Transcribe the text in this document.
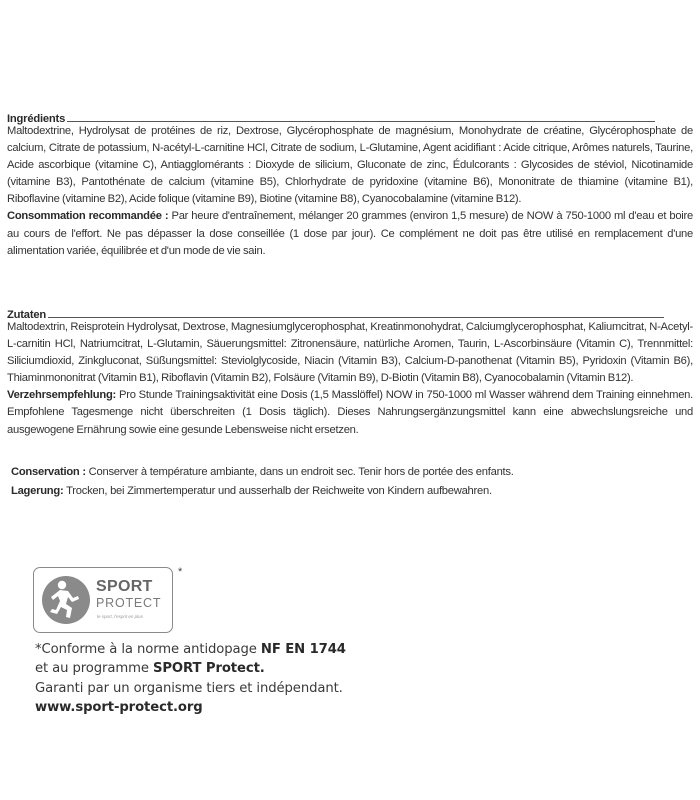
Ingrédients

Maltodextrine, Hydrolysat de protéines de riz, Dextrose, Glycérophosphate de magnésium, Monohydrate de créatine, Glycérophosphate de calcium, Citrate de potassium, N-acétyl-L-carnitine HCl, Citrate de sodium, L-Glutamine, Agent acidifiant : Acide citrique, Arômes naturels, Taurine, Acide ascorbique (vitamine C), Antiagglomérants : Dioxyde de silicium, Gluconate de zinc, Édulcorants : Glycosides de stéviol, Nicotinamide (vitamine B3), Pantothénate de calcium (vitamine B5), Chlorhydrate de pyridoxine (vitamine B6), Mononitrate de thiamine (vitamine B1), Riboflavine (vitamine B2), Acide folique (vitamine B9), Biotine (vitamine B8), Cyanocobalamine (vitamine B12).

Consommation recommandée : Par heure d'entraînement, mélanger 20 grammes (environ 1,5 mesure) de NOW à 750-1000 ml d'eau et boire au cours de l'effort. Ne pas dépasser la dose conseillée (1 dose par jour). Ce complément ne doit pas être utilisé en remplacement d'une alimentation variée, équilibrée et d'un mode de vie sain.

Zutaten

Maltodextrin, Reisprotein Hydrolysat, Dextrose, Magnesiumglycerophosphat, Kreatinmonohydrat, Calciumglycerophosphat, Kaliumcitrat, N-Acetyl-L-carnitin HCl, Natriumcitrat, L-Glutamin, Säuerungsmittel: Zitronensäure, natürliche Aromen, Taurin, L-Ascorbinsäure (Vitamin C), Trennmittel: Siliciumdioxid, Zinkgluconat, Süßungsmittel: Steviolglycoside, Niacin (Vitamin B3), Calcium-D-panothenat (Vitamin B5), Pyridoxin (Vitamin B6), Thiaminmononitrat (Vitamin B1), Riboflavin (Vitamin B2), Folsäure (Vitamin B9), D-Biotin (Vitamin B8), Cyanocobalamin (Vitamin B12).

Verzehrsempfehlung: Pro Stunde Trainingsaktivität eine Dosis (1,5 Masslöffel) NOW in 750-1000 ml Wasser während dem Training einnehmen. Empfohlene Tagesmenge nicht überschreiten (1 Dosis täglich). Dieses Nahrungsergänzungsmittel kann eine abwechslungsreiche und ausgewogene Ernährung sowie eine gesunde Lebensweise nicht ersetzen.

Conservation : Conserver à température ambiante, dans un endroit sec. Tenir hors de portée des enfants.
Lagerung: Trocken, bei Zimmertemperatur und ausserhalb der Reichweite von Kindern aufbewahren.
SPORT
PROTECT
le sport, l'esprit en plus
*
*Conforme à la norme antidopage NF EN 1744
et au programme SPORT Protect.
Garanti par un organisme tiers et indépendant.
www.sport-protect.org
